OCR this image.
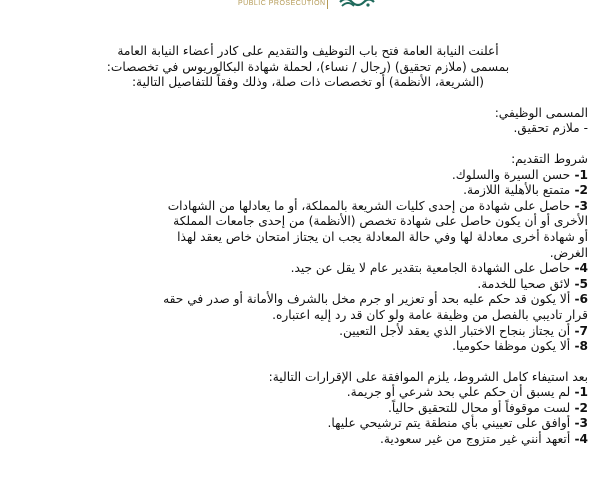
PUBLIC PROSECUTION
أعلنت النيابة العامة فتح باب التوظيف والتقديم على كادر أعضاء النيابة العامة
بمسمى (ملازم تحقيق) (رجال / نساء)، لحملة شهادة البكالوريوس في تخصصات:
(الشريعة، الأنظمة) أو تخصصات ذات صلة، وذلك وفقاً للتفاصيل التالية:
المسمى الوظيفي:
- ملازم تحقيق.
شروط التقديم:
1- حسن السيرة والسلوك.
2- متمتع بالأهلية اللازمة.
3- حاصل على شهادة من إحدى كليات الشريعة بالمملكة، أو ما يعادلها من الشهادات
الأخرى أو أن يكون حاصل على شهادة تخصص (الأنظمة) من إحدى جامعات المملكة
أو شهادة أخرى معادلة لها وفي حالة المعادلة يجب ان يجتاز امتحان خاص يعقد لهذا
الغرض.
4- حاصل على الشهادة الجامعية بتقدير عام لا يقل عن جيد.
5- لائق صحيا للخدمة.
6- ألا يكون قد حكم عليه بحد أو تعزير او جرم مخل بالشرف والأمانة أو صدر في حقه
قرار تاديبي بالفصل من وظيفة عامة ولو كان قد رد إليه اعتباره.
7- أن يجتاز بنجاح الاختبار الذي يعقد لأجل التعيين.
8- ألا يكون موظفا حكوميا.
بعد استيفاء كامل الشروط، يلزم الموافقة على الإقرارات التالية:
1- لم يسبق أن حكم علي بحد شرعي أو جريمة.
2- لست موقوفاً أو محال للتحقيق حالياً.
3- أوافق على تعييني بأي منطقة يتم ترشيحي عليها.
4- أتعهد أنني غير متزوج من غير سعودية.
